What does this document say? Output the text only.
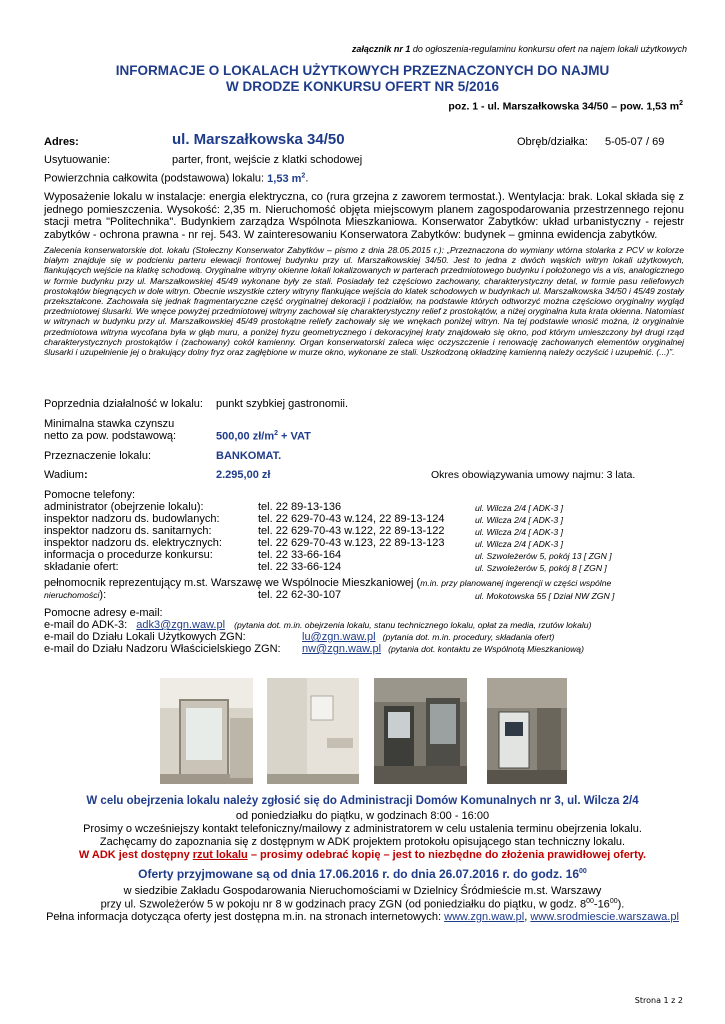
załącznik nr 1 do ogłoszenia-regulaminu konkursu ofert na najem lokali użytkowych
INFORMACJE O LOKALACH UŻYTKOWYCH PRZEZNACZONYCH DO NAJMU
W DRODZE KONKURSU OFERT NR 5/2016
poz. 1 - ul. Marszałkowska 34/50 – pow. 1,53 $m^2$
Adres:	ul. Marszałkowska 34/50	Obręb/działka: 5-05-07 / 69
Usytuowanie:	parter, front, wejście z klatki schodowej
Powierzchnia całkowita (podstawowa) lokalu: 1,53 $m^2$.
Wyposażenie lokalu w instalacje: energia elektryczna, co (rura grzejna z zaworem termostat.). Wentylacja: brak. Lokal składa się z jednego pomieszczenia. Wysokość: 2,35 m. Nieruchomość objęta miejscowym planem zagospodarowania przestrzennego rejonu stacji metra "Politechnika". Budynkiem zarządza Wspólnota Mieszkaniowa. Konserwator Zabytków: układ urbanistyczny - rejestr zabytków - ochrona prawna - nr rej. 543. W zainteresowaniu Konserwatora Zabytków: budynek – gminna ewidencja zabytków.
Zalecenia konserwatorskie dot. lokalu (Stołeczny Konserwator Zabytków – pismo z dnia 28.05.2015 r.): „Przeznaczona do wymiany wtórna stolarka z PCV w kolorze białym znajduje się w podcieniu parteru elewacji frontowej budynku przy ul. Marszałkowskiej 34/50. Jest to jedna z dwóch wąskich witryn lokali użytkowych, flankujących wejście na klatkę schodową. Oryginalne witryny okienne lokali lokalizowanych w parterach przedmiotowego budynku i położonego vis a vis, analogicznego w formie budynku przy ul. Marszałkowskiej 45/49 wykonane były ze stali. Posiadały też częściowo zachowany, charakterystyczny detal, w formie pasu reliefowych prostokątów biegnących w dole witryn. Obecnie wszystkie cztery witryny flankujące wejścia do klatek schodowych w budynkach ul. Marszałkowska 34/50 i 45/49 zostały przekształcone. Zachowała się jednak fragmentaryczne część oryginalnej dekoracji i podziałów, na podstawie których odtworzyć można częściowo oryginalny wygląd przedmiotowej ślusarki. We wnęce powyżej przedmiotowej witryny zachował się charakterystyczny relief z prostokątów, a niżej oryginalna kuta krata okienna. Natomiast w witrynach w budynku przy ul. Marszałkowskiej 45/49 prostokątne reliefy zachowały się we wnękach poniżej witryn. Na tej podstawie wnosić można, iż oryginalnie przedmiotowa witryna wycofana była w głąb muru, a poniżej fryzu geometrycznego i dekoracyjnej kraty znajdowało się okno, pod którym umieszczony był drugi rząd charakterystycznych prostokątów i (zachowany) cokół kamienny. Organ konserwatorski zaleca więc oczyszczenie i renowację zachowanych elementów oryginalnej ślusarki i uzupełnienie jej o brakujący dolny fryz oraz zagłębione w murze okno, wykonane ze stali. Uszkodzoną okładzinę kamienną należy oczyścić i uzupełnić. (...)”.
Poprzednia działalność w lokalu: punkt szybkiej gastronomii.
Minimalna stawka czynszu
netto za pow. podstawową:	500,00 $zł/m^2$ + VAT
Przeznaczenie lokalu:	BANKOMAT.
Wadium:	2.295,00 zł	Okres obowiązywania umowy najmu: 3 lata.
Pomocne telefony:
administrator (obejrzenie lokalu):	tel. 22 89-13-136	ul. Wilcza 2/4 [ ADK-3 ]
inspektor nadzoru ds. budowlanych:	tel. 22 629-70-43 w.124, 22 89-13-124	ul. Wilcza 2/4 [ ADK-3 ]
inspektor nadzoru ds. sanitarnych:	tel. 22 629-70-43 w.122, 22 89-13-122	ul. Wilcza 2/4 [ ADK-3 ]
inspektor nadzoru ds. elektrycznych:	tel. 22 629-70-43 w.123, 22 89-13-123	ul. Wilcza 2/4 [ ADK-3 ]
informacja o procedurze konkursu:	tel. 22 33-66-164	ul. Szwoleżerów 5, pokój 13 [ ZGN ]
składanie ofert:	tel. 22 33-66-124	ul. Szwoleżerów 5, pokój 8 [ ZGN ]
pełnomocnik reprezentujący m.st. Warszawę we Wspólnocie Mieszkaniowej (m.in. przy planowanej ingerencji w części wspólne
nieruchomości):	tel. 22 62-30-107	ul. Mokotowska 55 [ Dział NW ZGN ]
Pomocne adresy e-mail:
e-mail do ADK-3: adk3@zgn.waw.pl (pytania dot. m.in. obejrzenia lokalu, stanu technicznego lokalu, opłat za media, rzutów lokalu)
e-mail do Działu Lokali Użytkowych ZGN:	lu@zgn.waw.pl (pytania dot. m.in. procedury, składania ofert)
e-mail do Działu Nadzoru Właścicielskiego ZGN: nw@zgn.waw.pl (pytania dot. kontaktu ze Wspólnotą Mieszkaniową)
W celu obejrzenia lokalu należy zgłosić się do Administracji Domów Komunalnych nr 3, ul. Wilcza 2/4
od poniedziałku do piątku, w godzinach 8:00 - 16:00
Prosimy o wcześniejszy kontakt telefoniczny/mailowy z administratorem w celu ustalenia terminu obejrzenia lokalu.
Zachęcamy do zapoznania się z dostępnym w ADK projektem protokołu opisującego stan techniczny lokalu.
W ADK jest dostępny rzut lokalu – prosimy odebrać kopię – jest to niezbędne do złożenia prawidłowej oferty.
Oferty przyjmowane są od dnia 17.06.2016 r. do dnia 26.07.2016 r. do godz. $16^{00}$
w siedzibie Zakładu Gospodarowania Nieruchomościami w Dzielnicy Śródmieście m.st. Warszawy
przy ul. Szwoleżerów 5 w pokoju nr 8 w godzinach pracy ZGN (od poniedziałku do piątku, w godz. $8^{00}-16^{00}$).
Pełna informacja dotycząca oferty jest dostępna m.in. na stronach internetowych: www.zgn.waw.pl, www.srodmiescie.warszawa.pl
Strona 1 z 2
